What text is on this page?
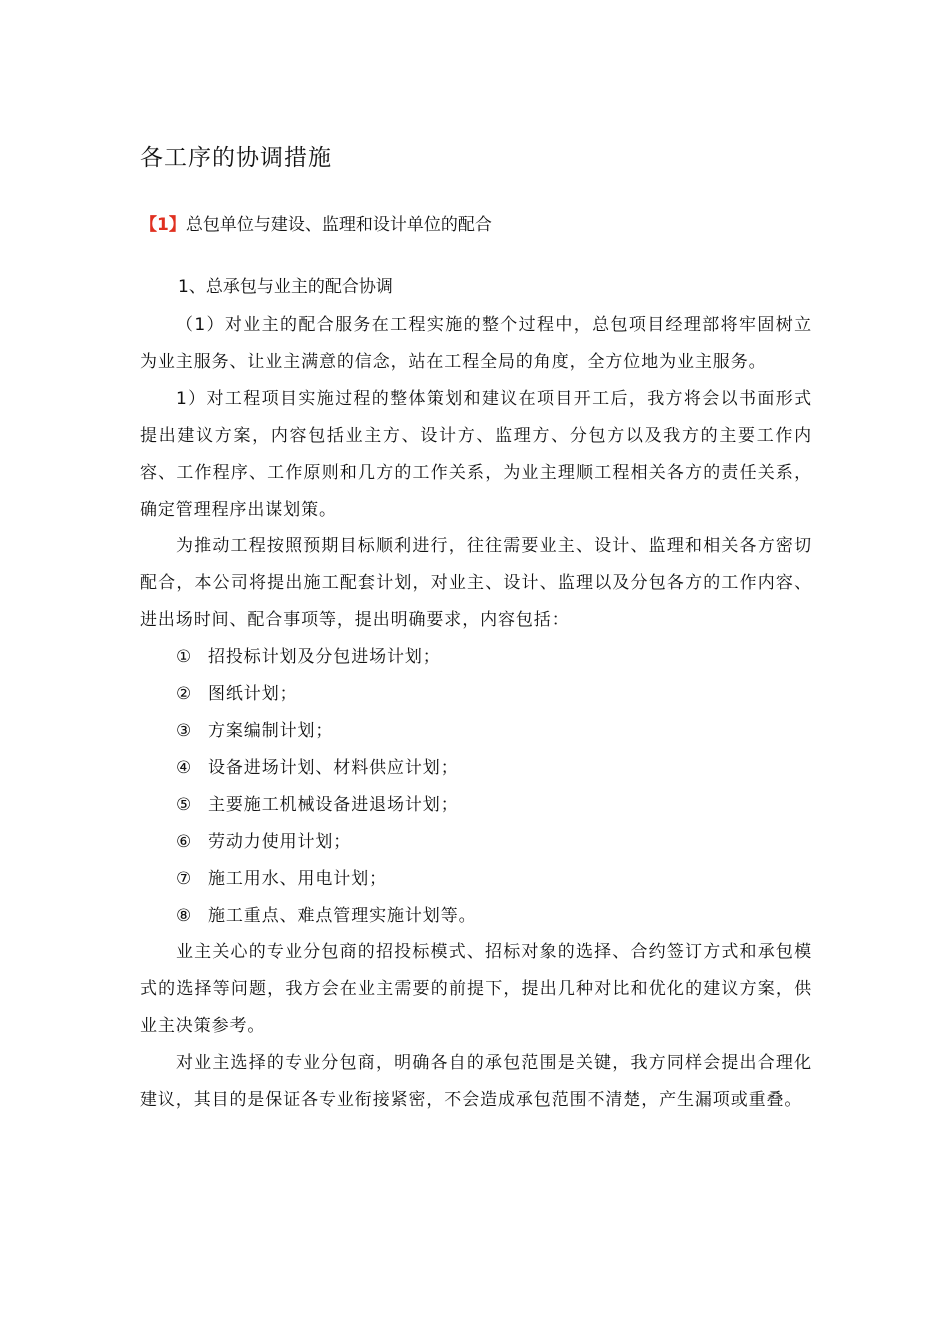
各工序的协调措施
【1】总包单位与建设、监理和设计单位的配合
1、总承包与业主的配合协调

（1）对业主的配合服务在工程实施的整个过程中，总包项目经理部将牢固树立为业主服务、让业主满意的信念，站在工程全局的角度，全方位地为业主服务。

1）对工程项目实施过程的整体策划和建议在项目开工后，我方将会以书面形式提出建议方案，内容包括业主方、设计方、监理方、分包方以及我方的主要工作内容、工作程序、工作原则和几方的工作关系，为业主理顺工程相关各方的责任关系，确定管理程序出谋划策。

为推动工程按照预期目标顺利进行，往往需要业主、设计、监理和相关各方密切配合，本公司将提出施工配套计划，对业主、设计、监理以及分包各方的工作内容、进出场时间、配合事项等，提出明确要求，内容包括：

① 招投标计划及分包进场计划；

② 图纸计划；

③ 方案编制计划；

④ 设备进场计划、材料供应计划；

⑤ 主要施工机械设备进退场计划；

⑥ 劳动力使用计划；

⑦ 施工用水、用电计划；

⑧ 施工重点、难点管理实施计划等。

业主关心的专业分包商的招投标模式、招标对象的选择、合约签订方式和承包模式的选择等问题，我方会在业主需要的前提下，提出几种对比和优化的建议方案，供业主决策参考。

对业主选择的专业分包商，明确各自的承包范围是关键，我方同样会提出合理化建议，其目的是保证各专业衔接紧密，不会造成承包范围不清楚，产生漏项或重叠。
